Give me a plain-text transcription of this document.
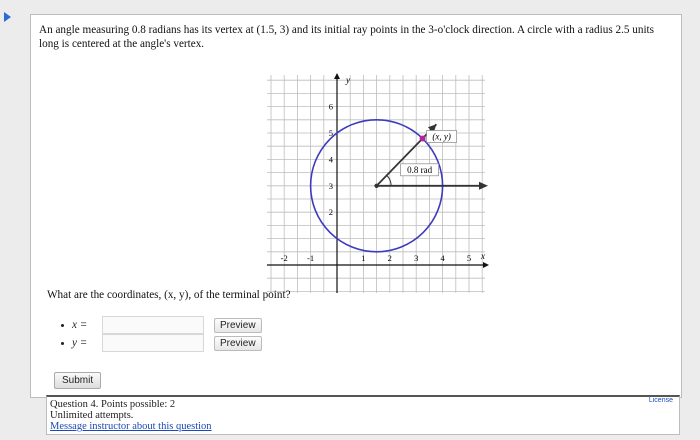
An angle measuring 0.8 radians has its vertex at (1.5, 3) and its initial ray points in the 3-o'clock direction. A circle with a radius 2.5 units long is centered at the angle's vertex.
x
y
-2 -1	1	2	3	4	5
2
3
4
5
6
0.8 rad
(x, y)
What are the coordinates, (x, y), of the terminal point?
x =	Preview
y =	Preview
Submit
Question 4. Points possible: 2
Unlimited attempts.
Message instructor about this question
License
